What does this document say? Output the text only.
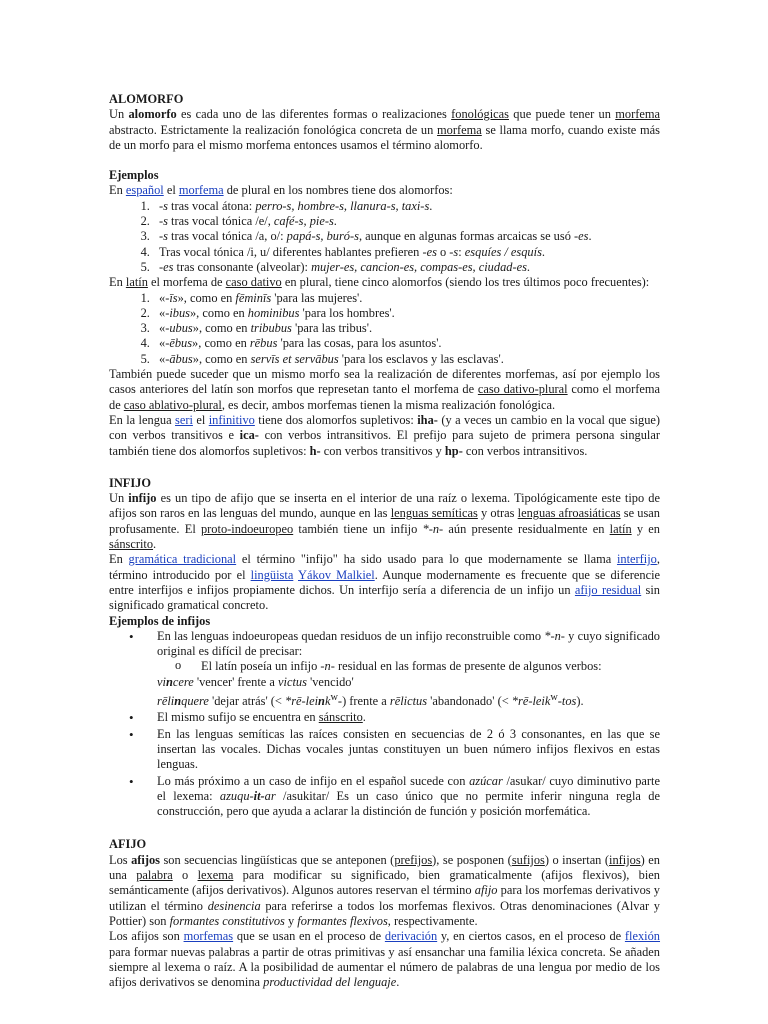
ALOMORFO

Un alomorfo es cada uno de las diferentes formas o realizaciones fonológicas que puede tener un morfema abstracto. Estrictamente la realización fonológica concreta de un morfema se llama morfo, cuando existe más de un morfo para el mismo morfema entonces usamos el término alomorfo.

Ejemplos

En español el morfema de plural en los nombres tiene dos alomorfos:

1. -s tras vocal átona: perro-s, hombre-s, llanura-s, taxi-s.
2. -s tras vocal tónica /e/, café-s, pie-s.
3. -s tras vocal tónica /a, o/: papá-s, buró-s, aunque en algunas formas arcaicas se usó -es.
4. Tras vocal tónica /i, u/ diferentes hablantes prefieren -es o -s: esquíes / esquís.
5. -es tras consonante (alveolar): mujer-es, cancion-es, compas-es, ciudad-es.

En latín el morfema de caso dativo en plural, tiene cinco alomorfos (siendo los tres últimos poco frecuentes):

1. «-īs», como en fēminīs 'para las mujeres'.
2. «-ibus», como en hominibus 'para los hombres'.
3. «-ubus», como en tribubus 'para las tribus'.
4. «-ēbus», como en rēbus 'para las cosas, para los asuntos'.
5. «-ābus», como en servīs et servābus 'para los esclavos y las esclavas'.

También puede suceder que un mismo morfo sea la realización de diferentes morfemas, así por ejemplo los casos anteriores del latín son morfos que represetan tanto el morfema de caso dativo-plural como el morfema de caso ablativo-plural, es decir, ambos morfemas tienen la misma realización fonológica.

En la lengua seri el infinitivo tiene dos alomorfos supletivos: iha- (y a veces un cambio en la vocal que sigue) con verbos transitivos e ica- con verbos intransitivos. El prefijo para sujeto de primera persona singular también tiene dos alomorfos supletivos: h- con verbos transitivos y hp- con verbos intransitivos.

INFIJO

Un infijo es un tipo de afijo que se inserta en el interior de una raíz o lexema. Tipológicamente este tipo de afijos son raros en las lenguas del mundo, aunque en las lenguas semíticas y otras lenguas afroasiáticas se usan profusamente. El proto-indoeuropeo también tiene un infijo *-n- aún presente residualmente en latín y en sánscrito.

En gramática tradicional el término "infijo" ha sido usado para lo que modernamente se llama interfijo, término introducido por el lingüista Yákov Malkiel. Aunque modernamente es frecuente que se diferencie entre interfijos e infijos propiamente dichos. Un interfijo sería a diferencia de un infijo un afijo residual sin significado gramatical concreto.

Ejemplos de infijos

• En las lenguas indoeuropeas quedan residuos de un infijo reconstruible como *-n- y cuyo significado original es difícil de precisar:
o El latín poseía un infijo -n- residual en las formas de presente de algunos verbos:
vincere 'vencer' frente a victus 'vencido'
rēlinquere 'dejar atrás' (< *rē-leink$^w$-) frente a rēlictus 'abandonado' (< *rē-leik$^w$-tos).
• El mismo sufijo se encuentra en sánscrito.
• En las lenguas semíticas las raíces consisten en secuencias de 2 ó 3 consonantes, en las que se insertan las vocales. Dichas vocales juntas constituyen un buen número infijos flexivos en estas lenguas.
• Lo más próximo a un caso de infijo en el español sucede con azúcar /asukar/ cuyo diminutivo parte el lexema: azuqu-it-ar /asukitar/ Es un caso único que no permite inferir ninguna regla de construcción, pero que ayuda a aclarar la distinción de función y posición morfemática.

AFIJO

Los afijos son secuencias lingüísticas que se anteponen (prefijos), se posponen (sufijos) o insertan (infijos) en una palabra o lexema para modificar su significado, bien gramaticalmente (afijos flexivos), bien semánticamente (afijos derivativos). Algunos autores reservan el término afijo para los morfemas derivativos y utilizan el término desinencia para referirse a todos los morfemas flexivos. Otras denominaciones (Alvar y Pottier) son formantes constitutivos y formantes flexivos, respectivamente.

Los afijos son morfemas que se usan en el proceso de derivación y, en ciertos casos, en el proceso de flexión para formar nuevas palabras a partir de otras primitivas y así ensanchar una familia léxica concreta. Se añaden siempre al lexema o raíz. A la posibilidad de aumentar el número de palabras de una lengua por medio de los afijos derivativos se denomina productividad del lenguaje.
